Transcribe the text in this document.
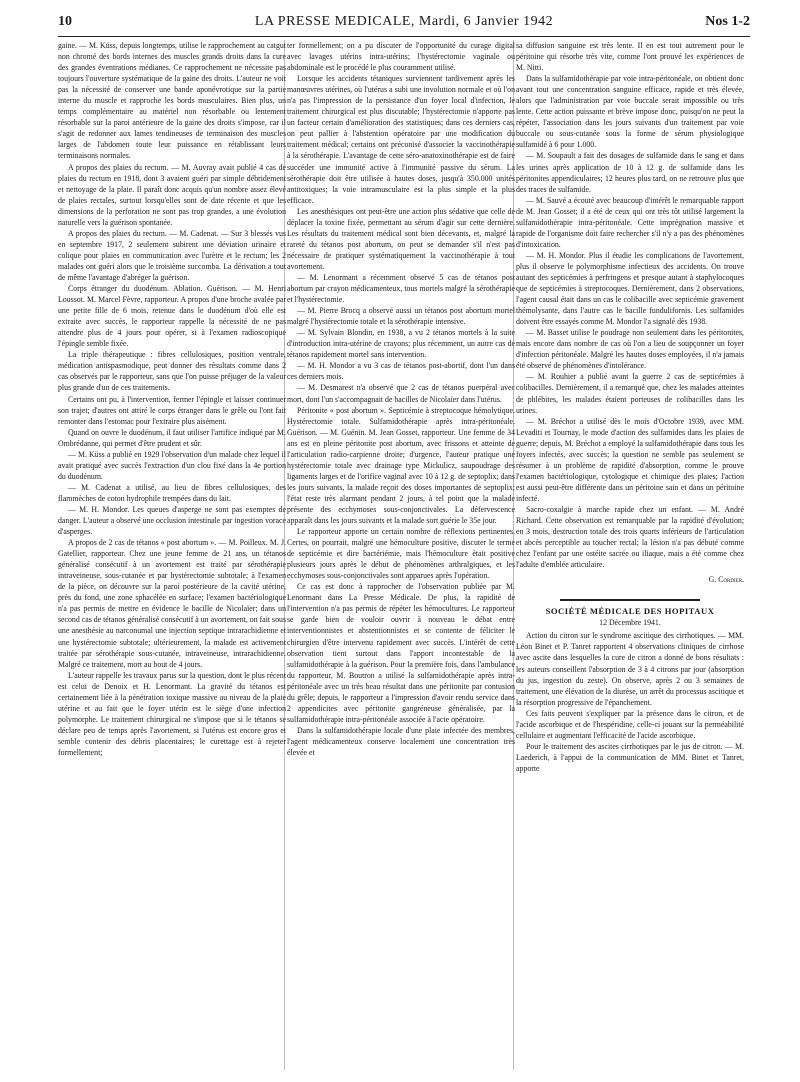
10	LA PRESSE MEDICALE, Mardi, 6 Janvier 1942	Nos 1-2

gaine. — M. Küss, depuis longtemps, utilise le rapprochement au catgut non chromé des bords internes des muscles grands droits dans la cure des grandes éventrations médianes. Ce rapprochement ne nécessite pas toujours l'ouverture systématique de la gaine des droits. L'auteur ne voit pas la nécessité de conserver une bande aponévrotique sur la partie interne du muscle et rapproche les bords musculaires. Bien plus, un temps complémentaire au matériel non résorbable ou lentement résorbable sur la paroi antérieure de la gaine des droits s'impose, car il s'agit de redonner aux lames tendineuses de terminaison des muscles larges de l'abdomen toute leur puissance en rétablissant leurs terminaisons normales.

A propos des plaies du rectum. — M. Auvray avait publié 4 cas de plaies du rectum en 1918, dont 3 avaient guéri par simple débridement et nettoyage de la plaie. Il paraît donc acquis qu'un nombre assez élevé de plaies rectales, surtout lorsqu'elles sont de date récente et que les dimensions de la perforation ne sont pas trop grandes, a une évolution naturelle vers la guérison spontanée.

A propos des plaies du rectum. — M. Cadenat. — Sur 3 blessés vus en septembre 1917, 2 seulement subirent une déviation urinaire et colique pour plaies en communication avec l'urètre et le rectum; les 2 malades ont guéri alors que le troisième succomba. La dérivation a tout de même l'avantage d'abréger la guérison.

Corps étranger du duodénum. Ablation. Guérison. — M. Henri Loussot. M. Marcel Fèvre, rapporteur. A propos d'une broche avalée par une petite fille de 6 mois, retenue dans le duodénum d'où elle est extraite avec succès, le rapporteur rappelle la nécessité de ne pas attendre plus de 4 jours pour opérer, si à l'examen radioscopique l'épingle semble fixée.

La triple thérapeutique : fibres cellulosiques, position ventrale, médication antispasmodique, peut donner des résultats comme dans 2 cas observés par le rapporteur, sans que l'on puisse préjuger de la valeur plus grande d'un de ces traitements.

Certains ont pu, à l'intervention, fermer l'épingle et laisser continuer son trajet; d'autres ont attiré le corps étranger dans le grêle ou l'ont fait remonter dans l'estomac pour l'extraire plus aisément.

Quand on ouvre le duodénum, il faut utiliser l'artifice indiqué par M. Ombrédanne, qui permet d'être prudent et sûr.

— M. Küss a publié en 1929 l'observation d'un malade chez lequel il avait pratiqué avec succès l'extraction d'un clou fixé dans la 4e portion du duodénum.

— M. Cadenat a utilisé, au lieu de fibres cellulosiques, des flammèches de coton hydrophile trempées dans du lait.

— M. H. Mondor. Les queues d'asperge ne sont pas exemptes de danger. L'auteur a observé une occlusion intestinale par ingestion vorace d'asperges.

A propos de 2 cas de tétanos « post abortum ». — M. Poilleux. M. J. Gatellier, rapporteur. Chez une jeune femme de 21 ans, un tétanos généralisé consécutif à un avortement est traité par sérothérapie intraveineuse, sous-cutanée et par hystérectomie subtotale; à l'examen de la pièce, on découvre sur la paroi postérieure de la cavité utérine, près du fond, une zone sphacélée en surface; l'examen bactériologique n'a pas permis de mettre en évidence le bacille de Nicolaïer; dans un second cas de tétanos généralisé consécutif à un avortement, on fait sous une anesthésie au narconumal une injection septique intrarachidienne et une hystérectomie subtotale; ultérieurement, la malade est activement traitée par sérothérapie sous-cutanée, intraveineuse, intrarachidienne. Malgré ce traitement, mort au bout de 4 jours.

L'auteur rappelle les travaux parus sur la question, dont le plus récent est celui de Denoix et H. Lenormant. La gravité du tétanos est certainement liée à la pénétration toxique massive au niveau de la plaie utérine et au fait que le foyer utérin est le siège d'une infection polymorphe. Le traitement chirurgical ne s'impose que si le tétanos se déclare peu de temps après l'avortement, si l'utérus est encore gros et semble contenir des débris placentaires; le curettage est à rejeter formellement;

ter formellement; on a pu discuter de l'opportunité du curage digital avec lavages utérins intra-utérins; l'hystérectomie vaginale ou abdominale est le procédé le plus couramment utilisé.

Lorsque les accidents tétaniques surviennent tardivement après les manœuvres utérines, où l'utérus a subi une involution normale et où l'on n'a pas l'impression de la persistance d'un foyer local d'infection, le traitement chirurgical est plus discutable; l'hystérectomie n'apporte pas un facteur certain d'amélioration des statistiques; dans ces derniers cas, on peut pallier à l'abstention opératoire par une modification du traitement médical; certains ont préconisé d'associer la vaccinothérapie à la sérothérapie. L'avantage de cette séro-anatoxinothérapie est de faire succéder une immunité active à l'immunité passive du sérum. La sérothérapie doit être utilisée à hautes doses, jusqu'à 350.000 unités antitoxiques; la voie intramusculaire est la plus simple et la plus efficace.

Les anesthésiques ont peut-être une action plus sédative que celle de déplacer la toxine fixée, permettant au sérum d'agir sur cette dernière. Les résultats du traitement médical sont bien décevants, et, malgré la rareté du tétanos post abortum, on peut se demander s'il n'est pas nécessaire de pratiquer systématiquement la vaccinothérapie à tout avortement.

— M. Lenormant a récemment observé 5 cas de tétanos post abortum par crayon médicamenteux, tous mortels malgré la sérothérapie et l'hystérectomie.

— M. Pierre Brocq a observé aussi un tétanos post abortum mortel malgré l'hystérectomie totale et la sérothérapie intensive.

— M. Sylvain Blondin, en 1938, a vu 2 tétanos mortels à la suite d'introduction intra-utérine de crayons; plus récemment, un autre cas de tétanos rapidement mortel sans intervention.

— M. H. Mondor a vu 3 cas de tétanos post-abortif, dont l'un dans ces derniers mois.

— M. Desmarest n'a observé que 2 cas de tétanos puerpéral avec mort, dont l'un s'accompagnait de bacilles de Nicolaïer dans l'utérus.

Péritonite « post abortum ». Septicémie à streptocoque hémolytique. Hystérectomie totale. Sulfamidothérapie après intra-péritonéale. Guérison. — M. Guénin. M. Jean Gosset, rapporteur. Une femme de 34 ans est en pleine péritonite post abortum, avec frissons et atteinte de l'articulation radio-carpienne droite; d'urgence, l'auteur pratique une hystérectomie totale avec drainage type Mickulicz, saupoudrage des ligaments larges et de l'orifice vaginal avec 10 à 12 g. de septoplix; dans les jours suivants, la malade reçoit des doses importantes de septoplix; l'état reste très alarmant pendant 2 jours, à tel point que la malade présente des ecchymoses sous-conjonctivales. La défervescence apparaît dans les jours suivants et la malade sort guérie le 35e jour.

Le rapporteur apporte un certain nombre de réflexions pertinentes. Certes, on pourrait, malgré une hémoculture positive, discuter le terme de septicémie et dire bactériémie, mais l'hémoculture était positive plusieurs jours après le début de phénomènes arthralgiques, et les ecchymoses sous-conjonctivales sont apparues après l'opération.

Ce cas est donc à rapprocher de l'observation publiée par M. Lenormant dans La Presse Médicale. De plus, la rapidité de l'intervention n'a pas permis de répéter les hémocultures. Le rapporteur se garde bien de vouloir ouvrir à nouveau le débat entre interventionnistes et abstentionnistes et se contente de féliciter le chirurgien d'être intervenu rapidement avec succès. L'intérêt de cette observation tient surtout dans l'apport incontestable de la sulfamidothérapie à la guérison. Pour la première fois, dans l'ambulance du rapporteur, M. Boutron a utilisé la sulfamidothérapie après intra-péritonéale avec un très beau résultat dans une péritonite par contusion du grêle; depuis, le rapporteur a l'impression d'avoir rendu service dans 2 appendicites avec péritonite gangréneuse généralisée, par la sulfamidothérapie intra-péritonéale associée à l'acte opératoire.

Dans la sulfamidothérapie locale d'une plaie infectée des membres, l'agent médicamenteux conserve localement une concentration très élevée et

sa diffusion sanguine est très lente. Il en est tout autrement pour le péritoine qui résorbe très vite, comme l'ont prouvé les expériences de M. Nitti.

Dans la sulfamidothérapie par voie intra-péritonéale, on obtient donc avant tout une concentration sanguine efficace, rapide et très élevée, alors que l'administration par voie buccale serait impossible ou très lente. Cette action puissante et brève impose donc, puisqu'on ne peut la répéter, l'association dans les jours suivants d'un traitement par voie buccale ou sous-cutanée sous la forme de sérum physiologique sulfamidé à 6 pour 1.000.

— M. Soupault a fait des dosages de sulfamide dans le sang et dans les urines après application de 10 à 12 g. de sulfamide dans les péritonites appendiculaires; 12 heures plus tard, on ne retrouve plus que des traces de sulfamide.

— M. Sauvé a écouté avec beaucoup d'intérêt le remarquable rapport de M. Jean Gosset; il a été de ceux qui ont très tôt utilisé largement la sulfamidothérapie intra-péritonéale. Cette imprégnation massive et rapide de l'organisme doit faire rechercher s'il n'y a pas des phénomènes d'intoxication.

— M. H. Mondor. Plus il étudie les complications de l'avortement, plus il observe le polymorphisme infectieux des accidents. On trouve autant des septicémies à perfringens et presque autant à staphylocoques que de septicémies à streptocoques. Dernièrement, dans 2 observations, l'agent causal était dans un cas le colibacille avec septicémie gravement thémolysante, dans l'autre cas le bacille fundulifornis. Les sulfamides doivent être essayés comme M. Mondor l'a signalé dès 1938.

— M. Basset utilise le poudrage non seulement dans les péritonites, mais encore dans nombre de cas où l'on a lieu de soupçonner un foyer d'infection péritonéale. Malgré les hautes doses employées, il n'a jamais été observé de phénomènes d'intolérance.

— M. Rouhier a publié avant la guerre 2 cas de septicémies à colibacilles. Dernièrement, il a remarqué que, chez les malades atteintes de phlébites, les malades étaient porteuses de colibacilles dans les urines.

— M. Bréchot a utilisé dès le mois d'Octobre 1939, avec MM. Levaditi et Tournay, le mode d'action des sulfamides dans les plaies de guerre; depuis, M. Bréchot a employé la sulfamidothérapie dans tous les foyers infectés, avec succès; la question ne semble pas seulement se résumer à un problème de rapidité d'absorption, comme le prouve l'examen bactériologique, cytologique et chimique des plaies; l'action est aussi peut-être différente dans un péritoine sain et dans un péritoine infecté.

Sacro-coxalgie à marche rapide chez un enfant. — M. André Richard. Cette observation est remarquable par la rapidité d'évolution; en 3 mois, destruction totale des trois quarts inférieurs de l'articulation et abcès perceptible au toucher rectal; la lésion n'a pas débuté comme chez l'enfant par une ostéite sacrée ou iliaque, mais a été comme chez l'adulte d'emblée articulaire.

G. Cordier.

SOCIÉTÉ MÉDICALE DES HOPITAUX

12 Décembre 1941.

Action du citron sur le syndrome ascitique des cirrhotiques. — MM. Léon Binet et P. Tanret rapportent 4 observations cliniques de cirrhose avec ascite dans lesquelles la cure de citron a donné de bons résultats : les auteurs conseillent l'absorption de 3 à 4 citrons par jour (absorption du jus, ingestion du zeste). On observe, après 2 ou 3 semaines de traitement, une élévation de la diurèse, un arrêt du processus ascitique et la résorption progressive de l'épanchement.

Ces faits peuvent s'expliquer par la présence dans le citron, et de l'acide ascorbique et de l'hespéridine, celle-ci jouant sur la perméabilité cellulaire et augmentant l'efficacité de l'acide ascorbique.

Pour le traitement des ascites cirrhotiques par le jus de citron. — M. Laederich, à l'appui de la communication de MM. Binet et Tanret, apporte
